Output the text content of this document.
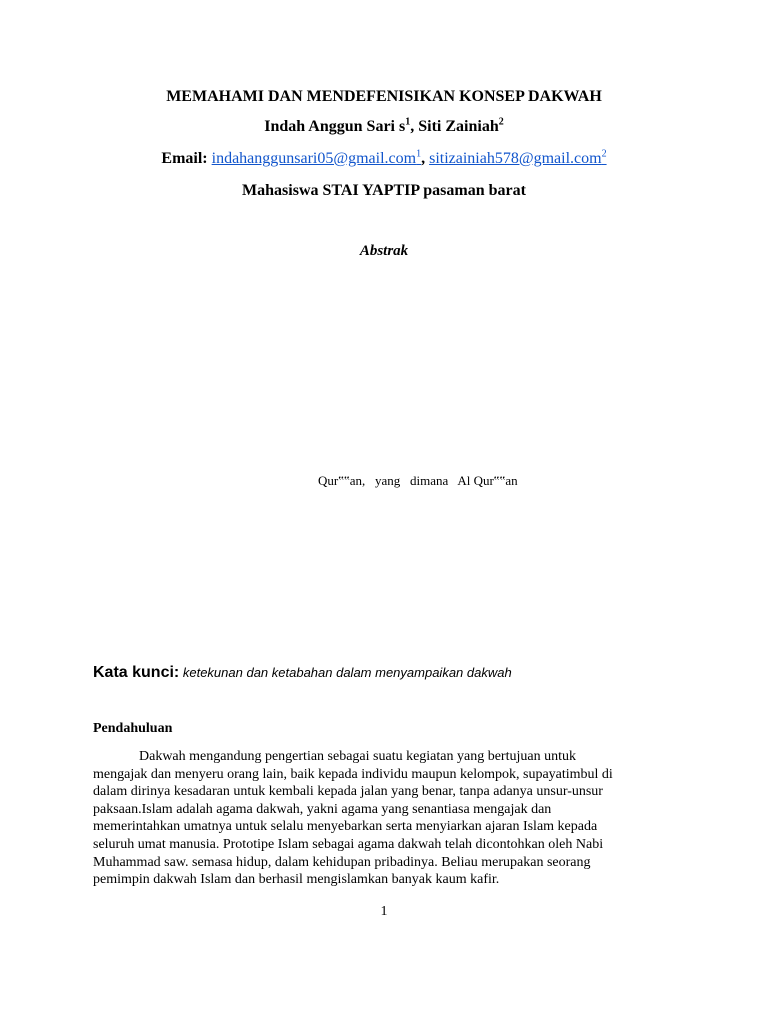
MEMAHAMI DAN MENDEFENISIKAN KONSEP DAKWAH
Indah Anggun Sari $s^1$, Siti Zainiah$^2$
Email: indahanggunsari05@gmail.com$^1$, sitizainiah578@gmail.com$^2$
Mahasiswa STAI YAPTIP pasaman barat
Abstrak
Qur‟‟an,   yang   dimana   Al Qur‟‟an
Kata kunci: ketekunan dan ketabahan dalam menyampaikan dakwah
Pendahuluan
Dakwah mengandung pengertian sebagai suatu kegiatan yang bertujuan untuk
mengajak dan menyeru orang lain, baik kepada individu maupun kelompok, supayatimbul di
dalam dirinya kesadaran untuk kembali kepada jalan yang benar, tanpa adanya unsur-unsur
paksaan.Islam adalah agama dakwah, yakni agama yang senantiasa mengajak dan
memerintahkan umatnya untuk selalu menyebarkan serta menyiarkan ajaran Islam kepada
seluruh umat manusia. Prototipe Islam sebagai agama dakwah telah dicontohkan oleh Nabi
Muhammad saw. semasa hidup, dalam kehidupan pribadinya. Beliau merupakan seorang
pemimpin dakwah Islam dan berhasil mengislamkan banyak kaum kafir.
1
